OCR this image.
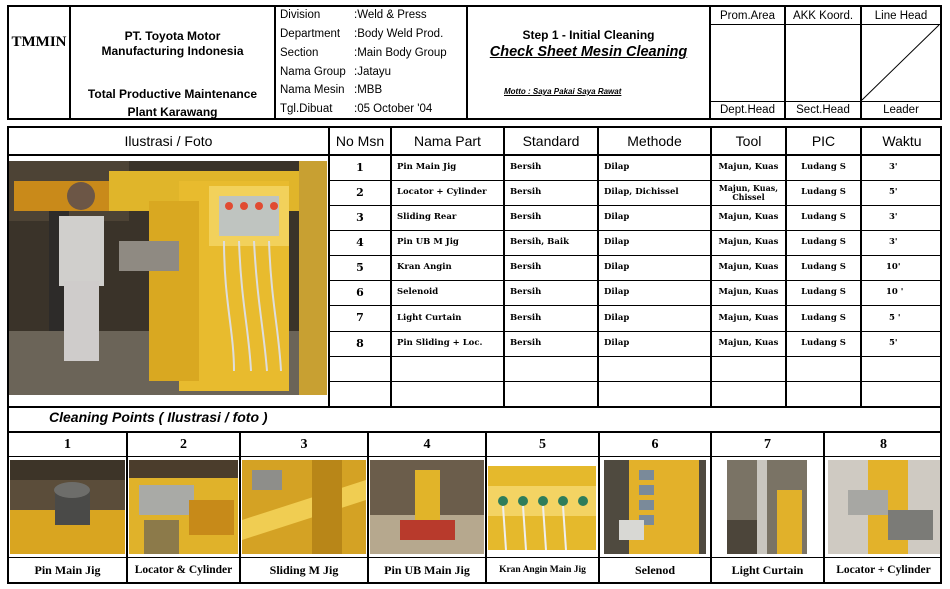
TMMIN	PT. Toyota Motor
Manufacturing Indonesia
Total Productive Maintenance
Plant Karawang
Division	:Weld & Press
Department :Body Weld Prod.
Section	:Main Body Group
Nama Group :Jatayu
Nama Mesin :MBB
Tgl.Dibuat :05 October '04
Step 1 - Initial Cleaning
Check Sheet Mesin Cleaning
Motto : Saya Pakai Saya Rawat
Prom.Area	AKK Koord.	Line Head
Dept.Head	Sect.Head	Leader
Ilustrasi / Foto	No Msn	Nama Part	Standard	Methode	Tool	PIC	Waktu
1	Pin Main Jig	Bersih	Dilap	Majun, Kuas	Ludang S	3'
2	Locator + Cylinder	Bersih	Dilap, Dichissel	Majun, Kuas, Chissel	Ludang S	5'
3	Sliding Rear	Bersih	Dilap	Majun, Kuas	Ludang S	3'
4	Pin UB M Jig	Bersih, Baik	Dilap	Majun, Kuas	Ludang S	3'
5	Kran Angin	Bersih	Dilap	Majun, Kuas	Ludang S	10'
6	Selenoid	Bersih	Dilap	Majun, Kuas	Ludang S	10 '
7	Light Curtain	Bersih	Dilap	Majun, Kuas	Ludang S	5 '
8	Pin Sliding + Loc.	Bersih	Dilap	Majun, Kuas	Ludang S	5'
Cleaning Points ( Ilustrasi / foto )
1	2	3	4	5	6	7	8
Pin Main Jig	Locator & Cylinder	Sliding M Jig	Pin UB Main Jig	Kran Angin Main Jig	Selenod	Light Curtain	Locator + Cylinder
